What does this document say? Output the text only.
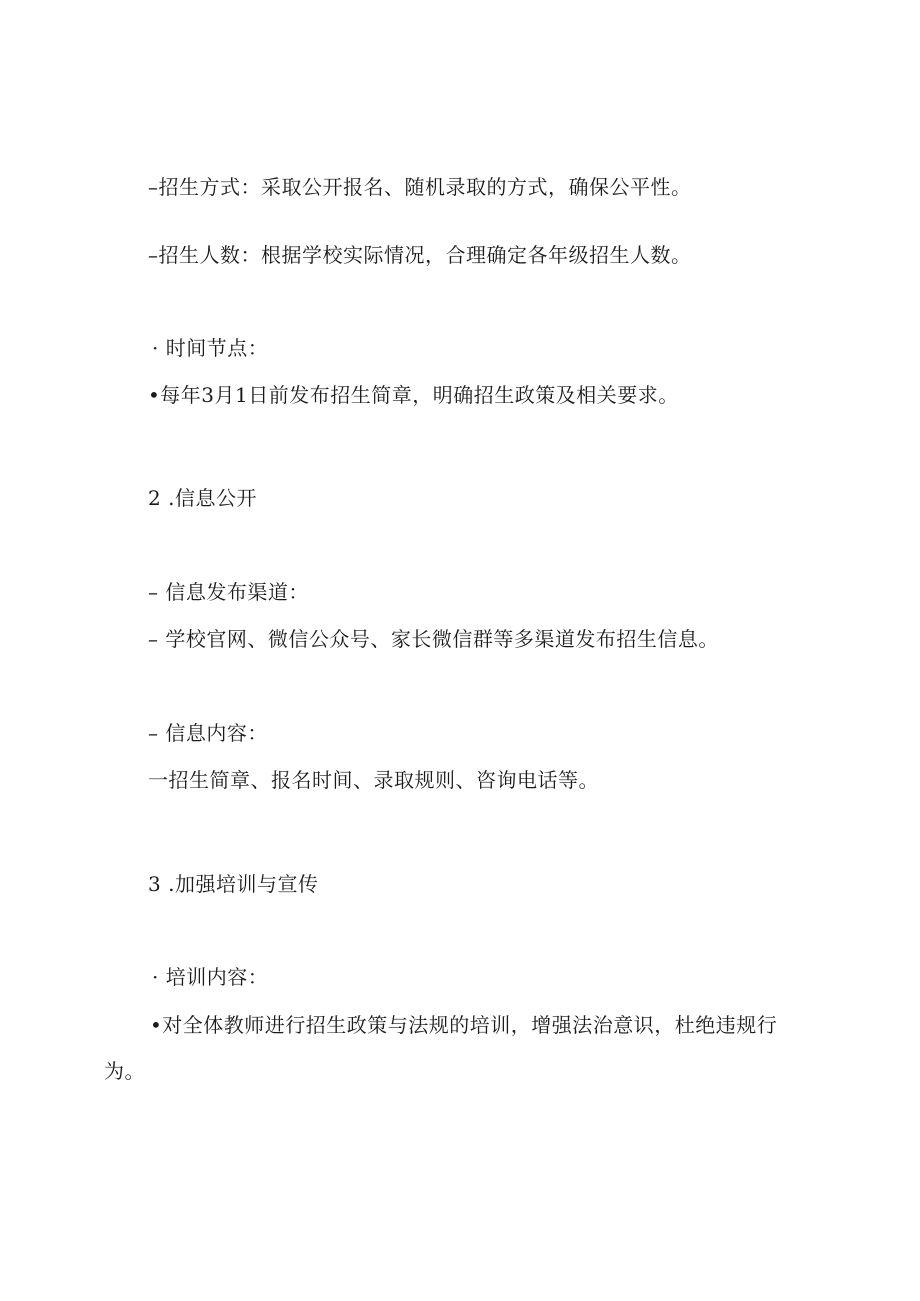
–招生方式：采取公开报名、随机录取的方式，确保公平性。
–招生人数：根据学校实际情况，合理确定各年级招生人数。
· 时间节点：
•每年3月1日前发布招生简章，明确招生政策及相关要求。
2 .信息公开
– 信息发布渠道：
– 学校官网、微信公众号、家长微信群等多渠道发布招生信息。
– 信息内容：
一招生简章、报名时间、录取规则、咨询电话等。
3 .加强培训与宣传
· 培训内容：
•对全体教师进行招生政策与法规的培训，增强法治意识，杜绝违规行
为。
